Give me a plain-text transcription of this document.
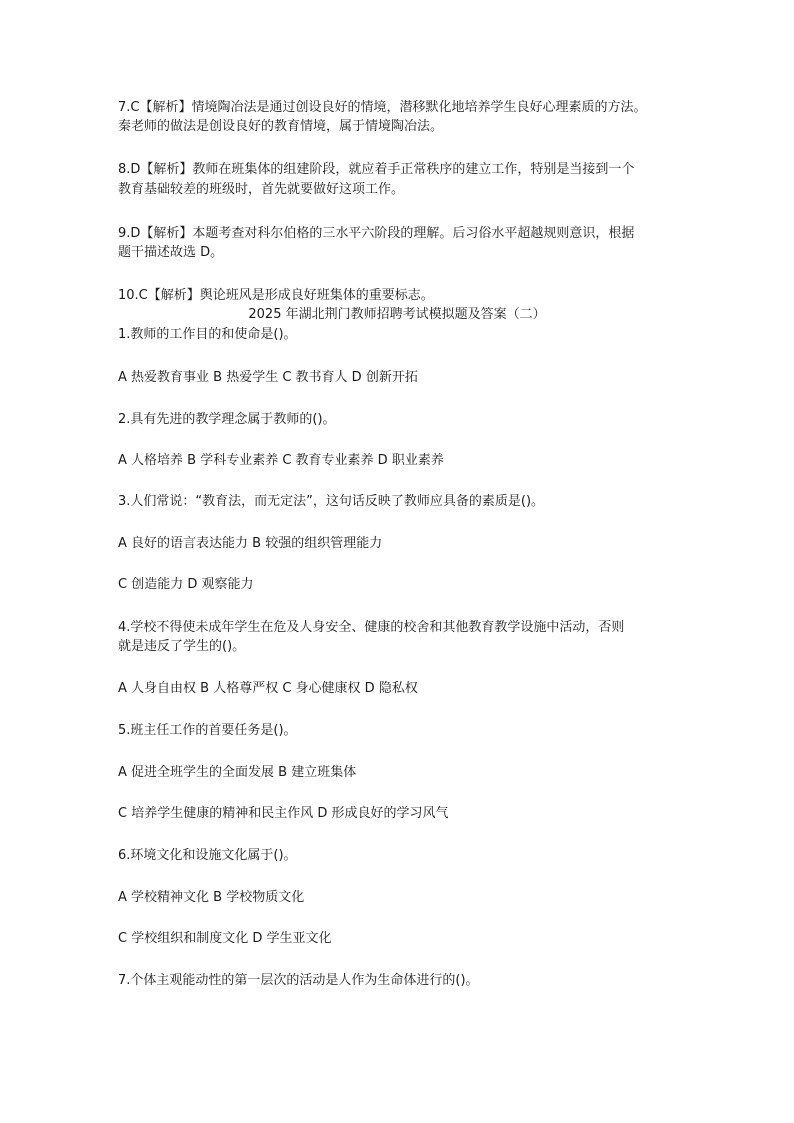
7.C【解析】情境陶冶法是通过创设良好的情境，潜移默化地培养学生良好心理素质的方法。
秦老师的做法是创设良好的教育情境，属于情境陶冶法。
8.D【解析】教师在班集体的组建阶段，就应着手正常秩序的建立工作，特别是当接到一个
教育基础较差的班级时，首先就要做好这项工作。
9.D【解析】本题考查对科尔伯格的三水平六阶段的理解。后习俗水平超越规则意识，根据
题干描述故选 D。
10.C【解析】舆论班风是形成良好班集体的重要标志。
2025 年湖北荆门教师招聘考试模拟题及答案（二）
1.教师的工作目的和使命是()。
A 热爱教育事业 B 热爱学生 C 教书育人 D 创新开拓
2.具有先进的教学理念属于教师的()。
A 人格培养 B 学科专业素养 C 教育专业素养 D 职业素养
3.人们常说：“教育法，而无定法”，这句话反映了教师应具备的素质是()。
A 良好的语言表达能力 B 较强的组织管理能力
C 创造能力 D 观察能力
4.学校不得使未成年学生在危及人身安全、健康的校舍和其他教育教学设施中活动，否则
就是违反了学生的()。
A 人身自由权 B 人格尊严权 C 身心健康权 D 隐私权
5.班主任工作的首要任务是()。
A 促进全班学生的全面发展 B 建立班集体
C 培养学生健康的精神和民主作风 D 形成良好的学习风气
6.环境文化和设施文化属于()。
A 学校精神文化 B 学校物质文化
C 学校组织和制度文化 D 学生亚文化
7.个体主观能动性的第一层次的活动是人作为生命体进行的()。
